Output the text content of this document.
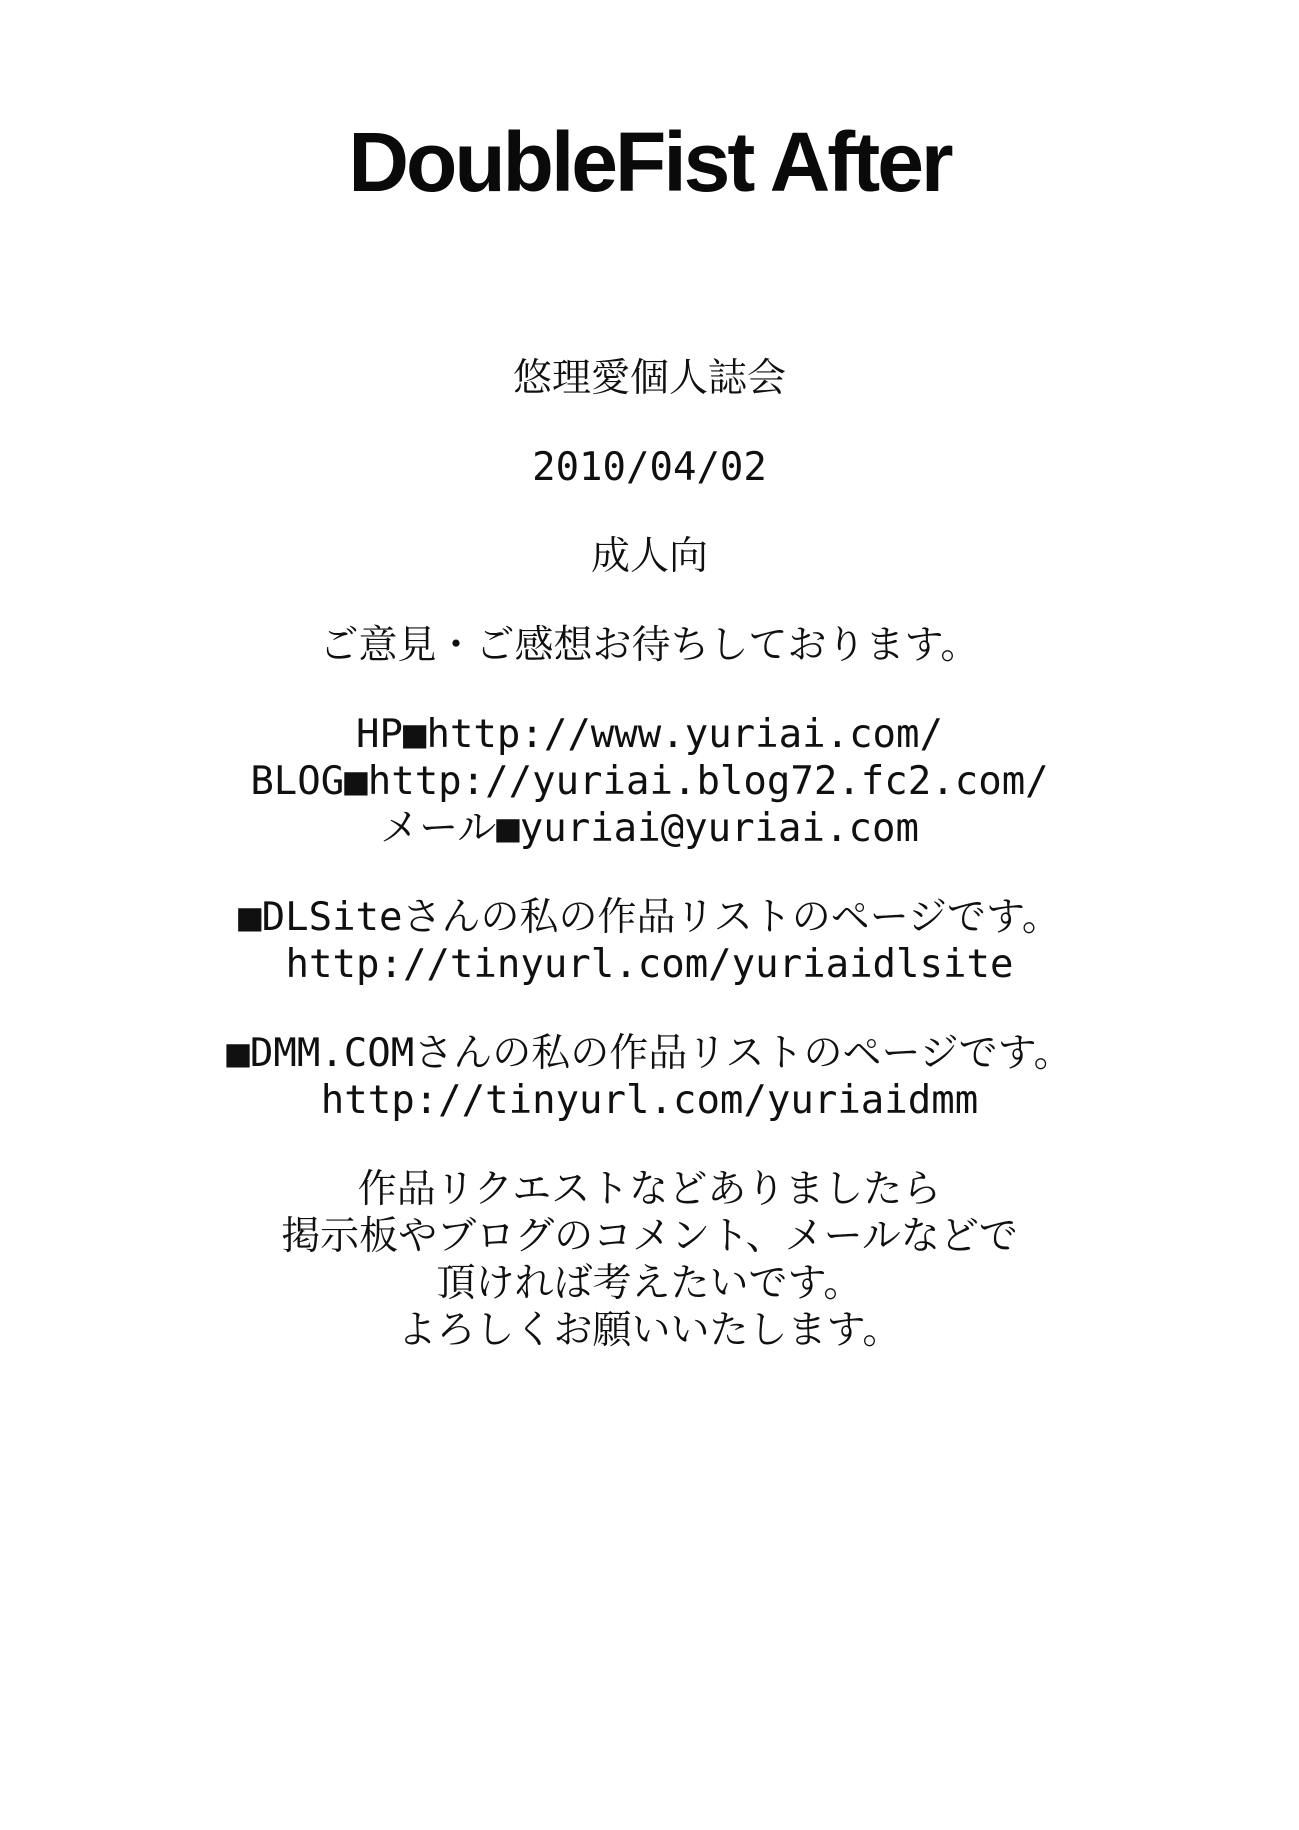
DoubleFist After

悠理愛個人誌会

2010/04/02

成人向

ご意見・ご感想お待ちしております。

HP■http://www.yuriai.com/
BLOG■http://yuriai.blog72.fc2.com/
メール■yuriai@yuriai.com

■DLSiteさんの私の作品リストのページです。
http://tinyurl.com/yuriaidlsite

■DMM.COMさんの私の作品リストのページです。
http://tinyurl.com/yuriaidmm

作品リクエストなどありましたら
掲示板やブログのコメント、メールなどで
頂ければ考えたいです。
よろしくお願いいたします。
